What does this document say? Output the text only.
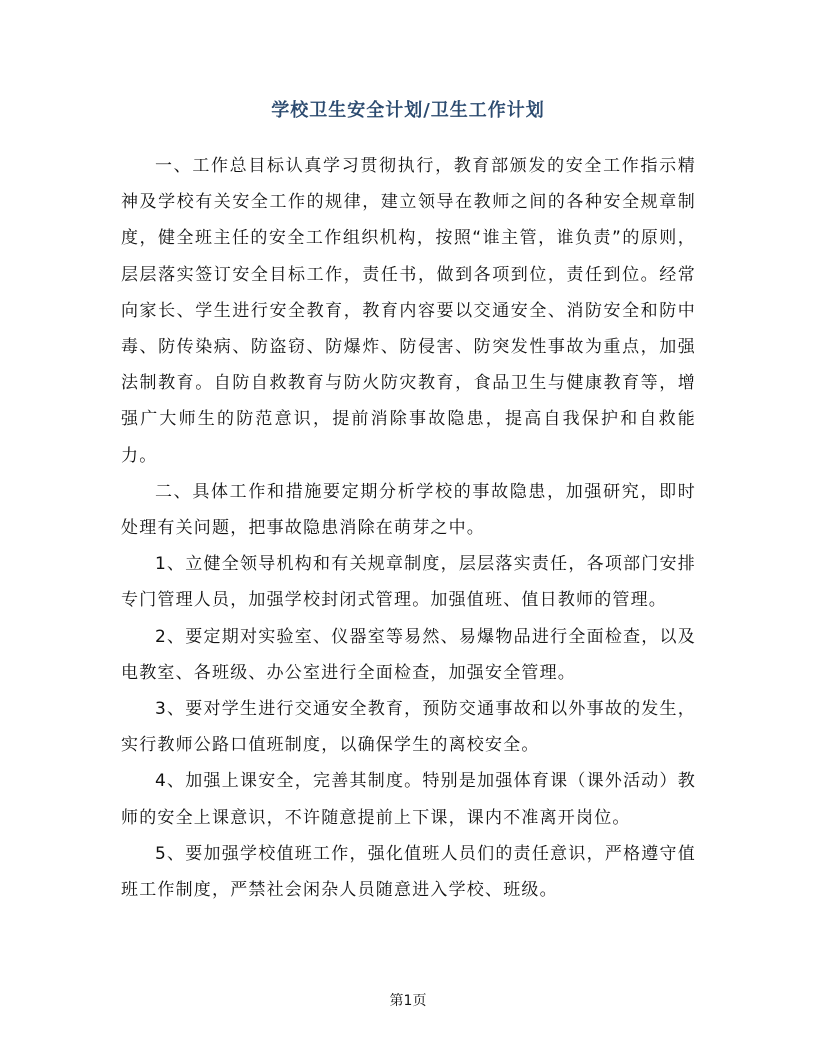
学校卫生安全计划/卫生工作计划

一、工作总目标认真学习贯彻执行，教育部颁发的安全工作指示精神及学校有关安全工作的规律，建立领导在教师之间的各种安全规章制度，健全班主任的安全工作组织机构，按照“谁主管，谁负责”的原则，层层落实签订安全目标工作，责任书，做到各项到位，责任到位。经常向家长、学生进行安全教育，教育内容要以交通安全、消防安全和防中毒、防传染病、防盗窃、防爆炸、防侵害、防突发性事故为重点，加强法制教育。自防自救教育与防火防灾教育，食品卫生与健康教育等，增强广大师生的防范意识，提前消除事故隐患，提高自我保护和自救能力。

二、具体工作和措施要定期分析学校的事故隐患，加强研究，即时处理有关问题，把事故隐患消除在萌芽之中。

1、立健全领导机构和有关规章制度，层层落实责任，各项部门安排专门管理人员，加强学校封闭式管理。加强值班、值日教师的管理。

2、要定期对实验室、仪器室等易然、易爆物品进行全面检查，以及电教室、各班级、办公室进行全面检查，加强安全管理。

3、要对学生进行交通安全教育，预防交通事故和以外事故的发生，实行教师公路口值班制度，以确保学生的离校安全。

4、加强上课安全，完善其制度。特别是加强体育课（课外活动）教师的安全上课意识，不许随意提前上下课，课内不准离开岗位。

5、要加强学校值班工作，强化值班人员们的责任意识，严格遵守值班工作制度，严禁社会闲杂人员随意进入学校、班级。

第1页
